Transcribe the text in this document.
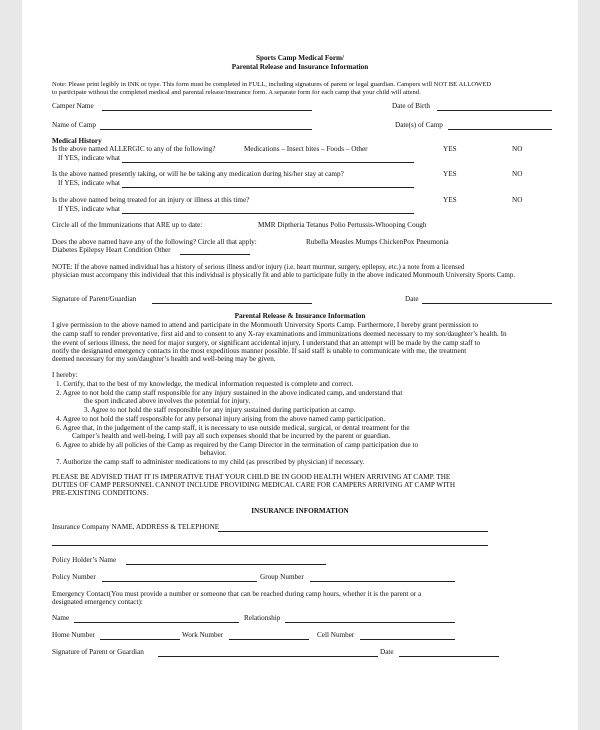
Sports Camp Medical Form/
Parental Release and Insurance Information
Note: Please print legibly in INK or type. This form must be completed in FULL, including signatures of parent or legal guardian. Campers will NOT BE ALLOWED
to participate without the completed medical and parental release/insurance form. A separate form for each camp that your child will attend.
Camper Name	Date of Birth
Name of Camp	Date(s) of Camp
Medical History
Is the above named ALLERGIC to any of the following?	Medications – Insect bites – Foods – Other	YES	NO
If YES, indicate what
Is the above named presently taking, or will he be taking any medication during his/her stay at camp?	YES	NO
If YES, indicate what
Is the above named being treated for an injury or illness at this time?	YES	NO
If YES, indicate what
Circle all of the Immunizations that ARE up to date:	MMR Diptheria Tetanus Polio Pertussis-Whooping Cough
Does the above named have any of the following? Circle all that apply:	Rubella Measles Mumps ChickenPox Pneumonia
Diabetes Epilepsy Heart Condition Other
NOTE: If the above named individual has a history of serious illness and/or injury (i.e. heart murmur, surgery, epilepsy, etc.) a note from a licensed
physician must accompany this individual that this individual is physically fit and able to participate fully in the above indicated Monmouth University Sports Camp.
Signature of Parent/Guardian	Date
Parental Release & Insurance Information
I give permission to the above named to attend and participate in the Monmouth University Sports Camp. Furthermore, I hereby grant permission to
the camp staff to render preventative, first aid and to consent to any X-ray examinations and immunizations deemed necessary to my son/daughter’s health. In
the event of serious illness, the need for major surgery, or significant accidental injury, I understand that an attempt will be made by the camp staff to
notify the designated emergency contacts in the most expeditious manner possible. If said staff is unable to communicate with me, the treatment
deemed necessary for my son/daughter’s health and well-being may be given.
I hereby:
1. Certify, that to the best of my knowledge, the medical information requested is complete and correct.
2. Agree to not hold the camp staff responsible for any injury sustained in the above indicated camp, and understand that
the sport indicated above involves the potential for injury.
3. Agree to not hold the staff responsible for any injury sustained during participation at camp.
4. Agree to not hold the staff responsible for any personal injury arising from the above named camp participation.
6. Agree that, in the judgement of the camp staff, it is necessary to use outside medical, surgical, or dental treatment for the
Camper’s health and well-being, I will pay all such expenses should that be incurred by the parent or guardian.
6. Agree to abide by all policies of the Camp as required by the Camp Director in the termination of camp participation due to
behavior.
7. Authorize the camp staff to administer medications to my child (as prescribed by physician) if necessary.
PLEASE BE ADVISED THAT IT IS IMPERATIVE THAT YOUR CHILD BE IN GOOD HEALTH WHEN ARRIVING AT CAMP. THE
DUTIES OF CAMP PERSONNEL CANNOT INCLUDE PROVIDING MEDICAL CARE FOR CAMPERS ARRIVING AT CAMP WITH
PRE-EXISTING CONDITIONS.
INSURANCE INFORMATION
Insurance Company NAME, ADDRESS & TELEPHONE
Policy Holder’s Name
Policy Number	Group Number
Emergency Contact(You must provide a number or someone that can be reached during camp hours, whether it is the parent or a
designated emergency contact):
Name	Relationship
Home Number	Work Number	Cell Number
Signature of Parent or Guardian	Date
